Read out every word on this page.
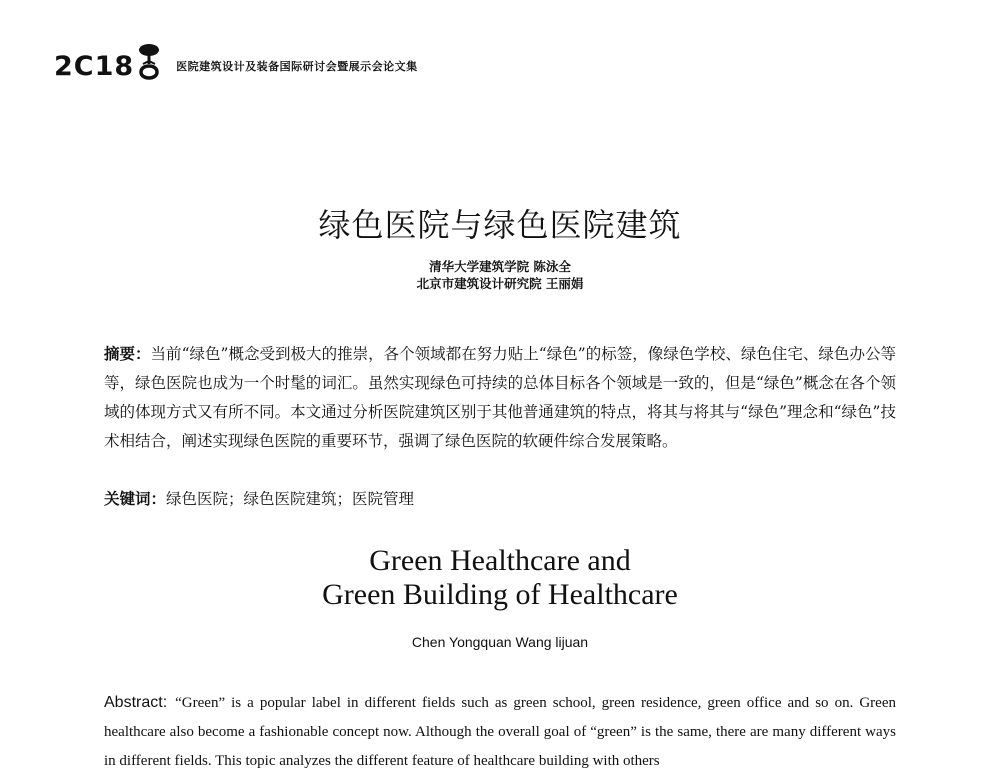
2C18	医院建筑设计及装备国际研讨会暨展示会论文集
绿色医院与绿色医院建筑
清华大学建筑学院 陈泳全
北京市建筑设计研究院 王丽娟
摘要：当前“绿色”概念受到极大的推崇，各个领域都在努力贴上“绿色”的标签，像绿色学校、绿色住宅、绿色办公等等，绿色医院也成为一个时髦的词汇。虽然实现绿色可持续的总体目标各个领域是一致的，但是“绿色”概念在各个领域的体现方式又有所不同。本文通过分析医院建筑区别于其他普通建筑的特点，将其与将其与“绿色”理念和“绿色”技术相结合，阐述实现绿色医院的重要环节，强调了绿色医院的软硬件综合发展策略。
关键词：绿色医院；绿色医院建筑；医院管理
Green Healthcare and
Green Building of Healthcare
Chen Yongquan Wang lijuan
Abstract: “Green” is a popular label in different fields such as green school, green residence, green office and so on. Green healthcare also become a fashionable concept now. Although the overall goal of “green” is the same, there are many different ways in different fields. This topic analyzes the different feature of healthcare building with others
